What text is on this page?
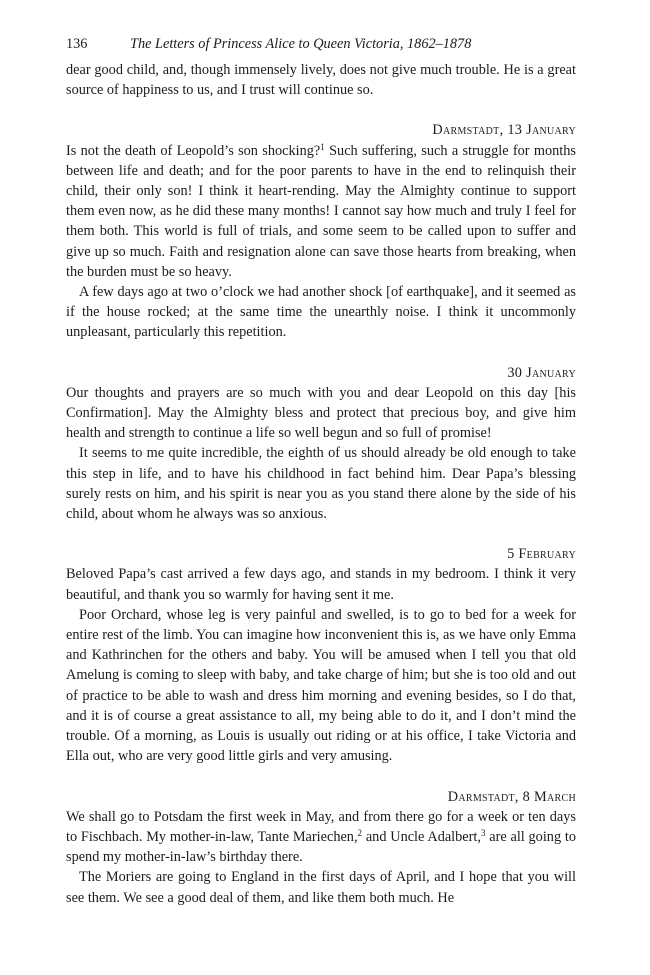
136	The Letters of Princess Alice to Queen Victoria, 1862–1878

dear good child, and, though immensely lively, does not give much trouble. He is a great source of happiness to us, and I trust will continue so.

Darmstadt, 13 January

Is not the death of Leopold’s son shocking?$^1$ Such suffering, such a struggle for months between life and death; and for the poor parents to have in the end to relinquish their child, their only son! I think it heart-rending. May the Almighty continue to support them even now, as he did these many months! I cannot say how much and truly I feel for them both. This world is full of trials, and some seem to be called upon to suffer and give up so much. Faith and resignation alone can save those hearts from breaking, when the burden must be so heavy.

A few days ago at two o’clock we had another shock [of earthquake], and it seemed as if the house rocked; at the same time the unearthly noise. I think it uncommonly unpleasant, particularly this repetition.

30 January

Our thoughts and prayers are so much with you and dear Leopold on this day [his Confirmation]. May the Almighty bless and protect that precious boy, and give him health and strength to continue a life so well begun and so full of promise!

It seems to me quite incredible, the eighth of us should already be old enough to take this step in life, and to have his childhood in fact behind him. Dear Papa’s blessing surely rests on him, and his spirit is near you as you stand there alone by the side of his child, about whom he always was so anxious.

5 February

Beloved Papa’s cast arrived a few days ago, and stands in my bedroom. I think it very beautiful, and thank you so warmly for having sent it me.

Poor Orchard, whose leg is very painful and swelled, is to go to bed for a week for entire rest of the limb. You can imagine how inconvenient this is, as we have only Emma and Kathrinchen for the others and baby. You will be amused when I tell you that old Amelung is coming to sleep with baby, and take charge of him; but she is too old and out of practice to be able to wash and dress him morning and evening besides, so I do that, and it is of course a great assistance to all, my being able to do it, and I don’t mind the trouble. Of a morning, as Louis is usually out riding or at his office, I take Victoria and Ella out, who are very good little girls and very amusing.

Darmstadt, 8 March

We shall go to Potsdam the first week in May, and from there go for a week or ten days to Fischbach. My mother-in-law, Tante Mariechen,$^2$ and Uncle Adalbert,$^3$ are all going to spend my mother-in-law’s birthday there.

The Moriers are going to England in the first days of April, and I hope that you will see them. We see a good deal of them, and like them both much. He
